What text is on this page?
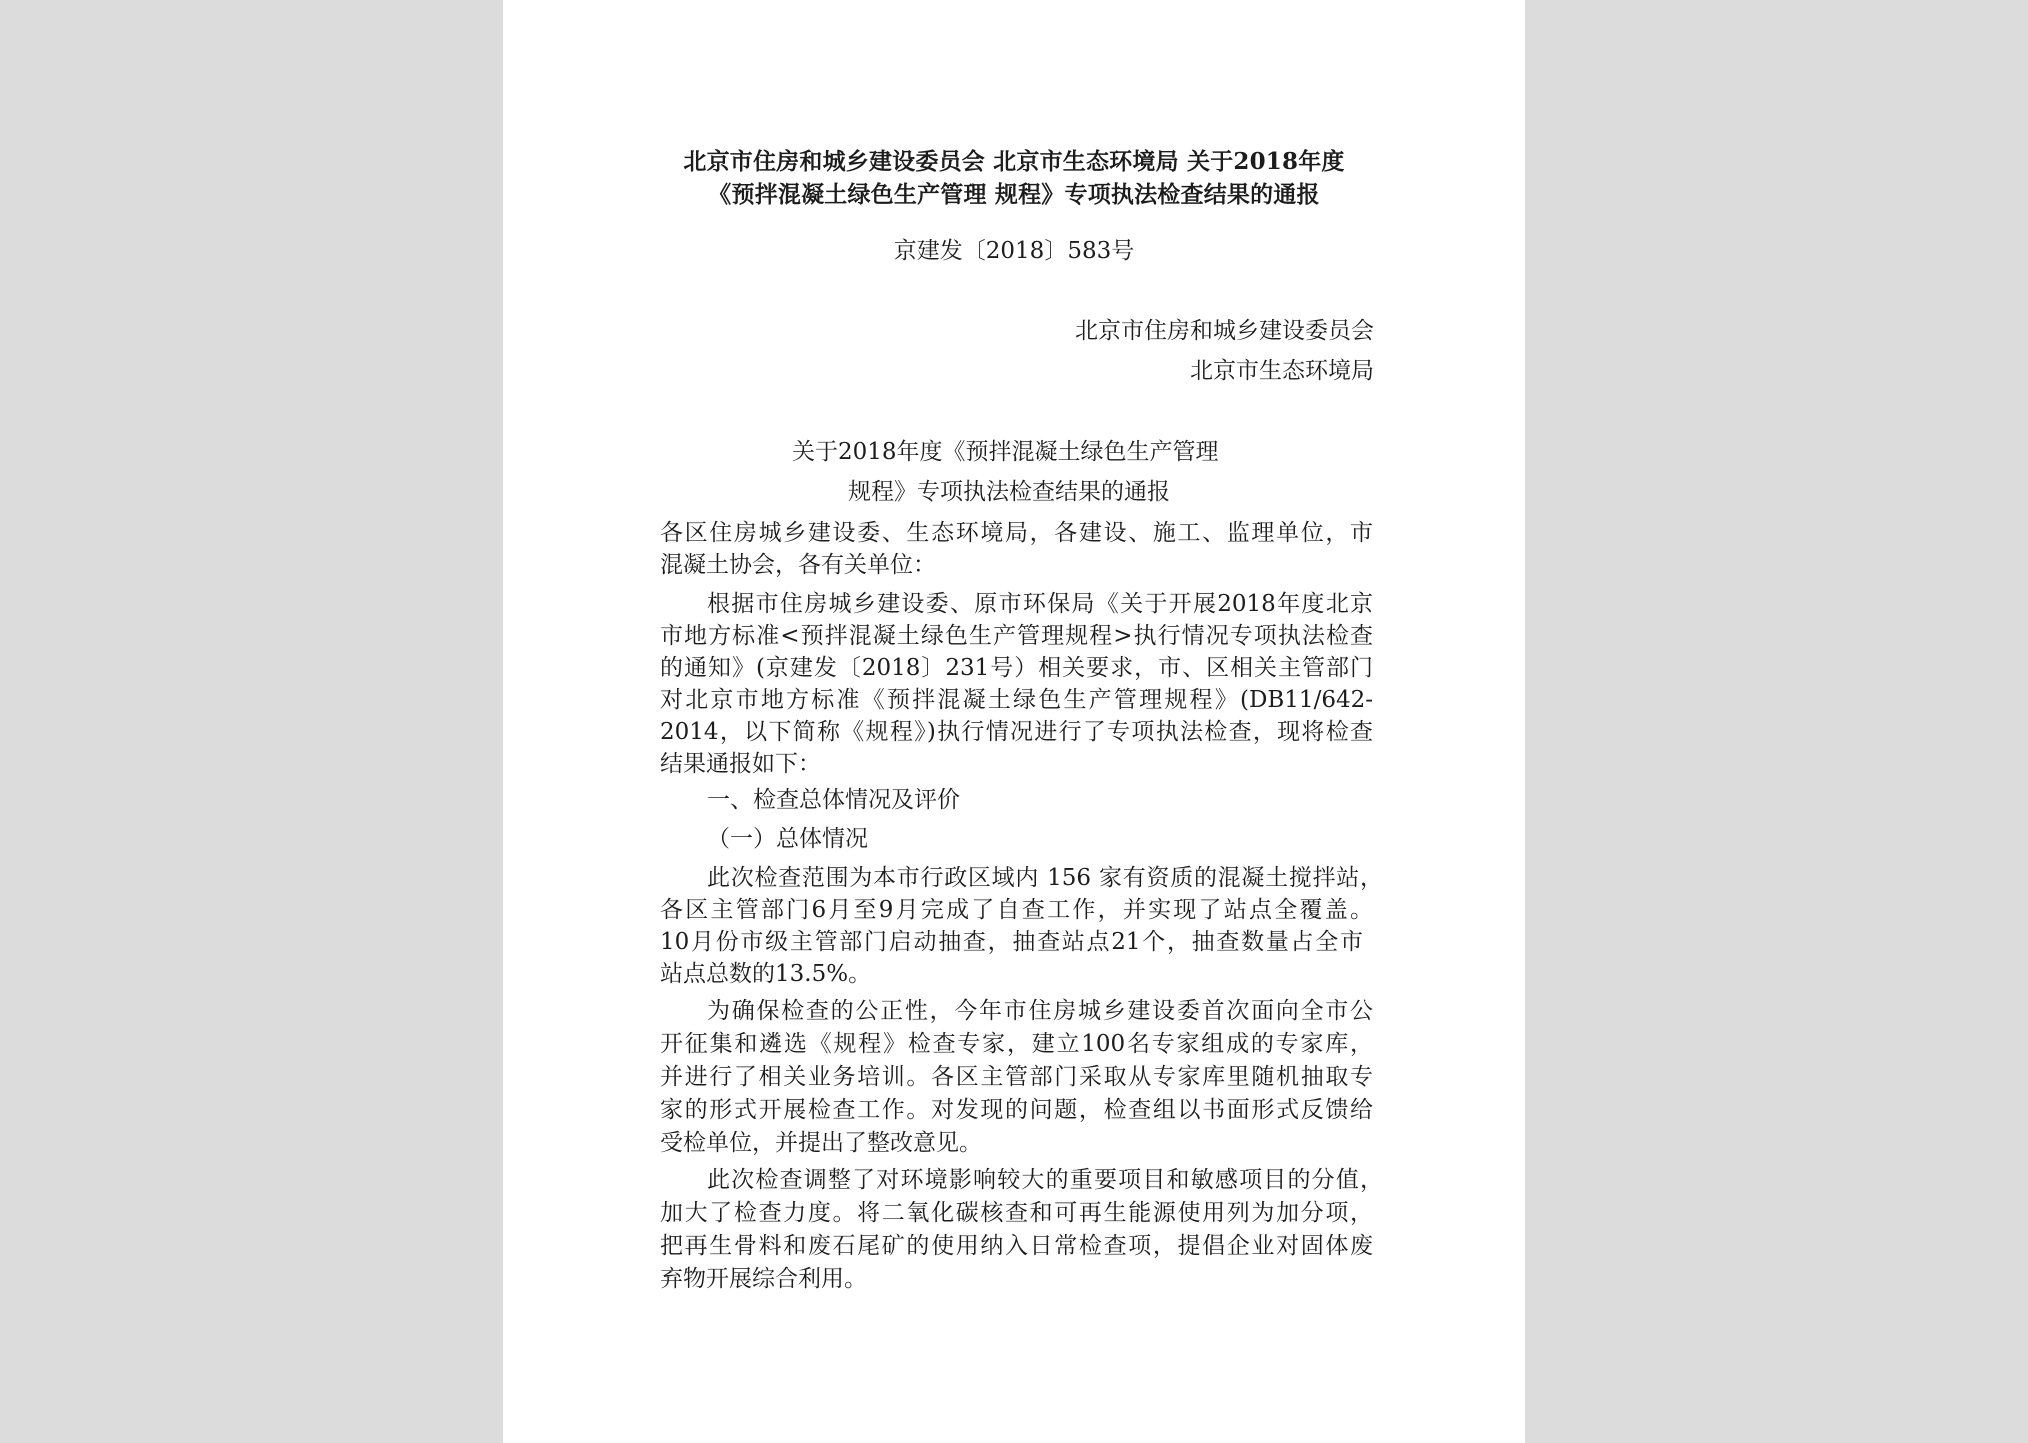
北京市住房和城乡建设委员会 北京市生态环境局 关于2018年度
《预拌混凝土绿色生产管理 规程》专项执法检查结果的通报
京建发〔2018〕583号
北京市住房和城乡建设委员会
北京市生态环境局
关于2018年度《预拌混凝土绿色生产管理
规程》专项执法检查结果的通报
各区住房城乡建设委、生态环境局，各建设、施工、监理单位，市
混凝土协会，各有关单位：
根据市住房城乡建设委、原市环保局《关于开展2018年度北京
市地方标准<预拌混凝土绿色生产管理规程>执行情况专项执法检查
的通知》(京建发〔2018〕231号）相关要求，市、区相关主管部门
对北京市地方标准《预拌混凝土绿色生产管理规程》(DB11/642-
2014，以下简称《规程》)执行情况进行了专项执法检查，现将检查
结果通报如下：
一、检查总体情况及评价
（一）总体情况
此次检查范围为本市行政区域内 156 家有资质的混凝土搅拌站，
各区主管部门6月至9月完成了自查工作，并实现了站点全覆盖。
10月份市级主管部门启动抽查，抽查站点21个，抽查数量占全市
站点总数的13.5%。
为确保检查的公正性，今年市住房城乡建设委首次面向全市公
开征集和遴选《规程》检查专家，建立100名专家组成的专家库，
并进行了相关业务培训。各区主管部门采取从专家库里随机抽取专
家的形式开展检查工作。对发现的问题，检查组以书面形式反馈给
受检单位，并提出了整改意见。
此次检查调整了对环境影响较大的重要项目和敏感项目的分值，
加大了检查力度。将二氧化碳核查和可再生能源使用列为加分项，
把再生骨料和废石尾矿的使用纳入日常检查项，提倡企业对固体废
弃物开展综合利用。
